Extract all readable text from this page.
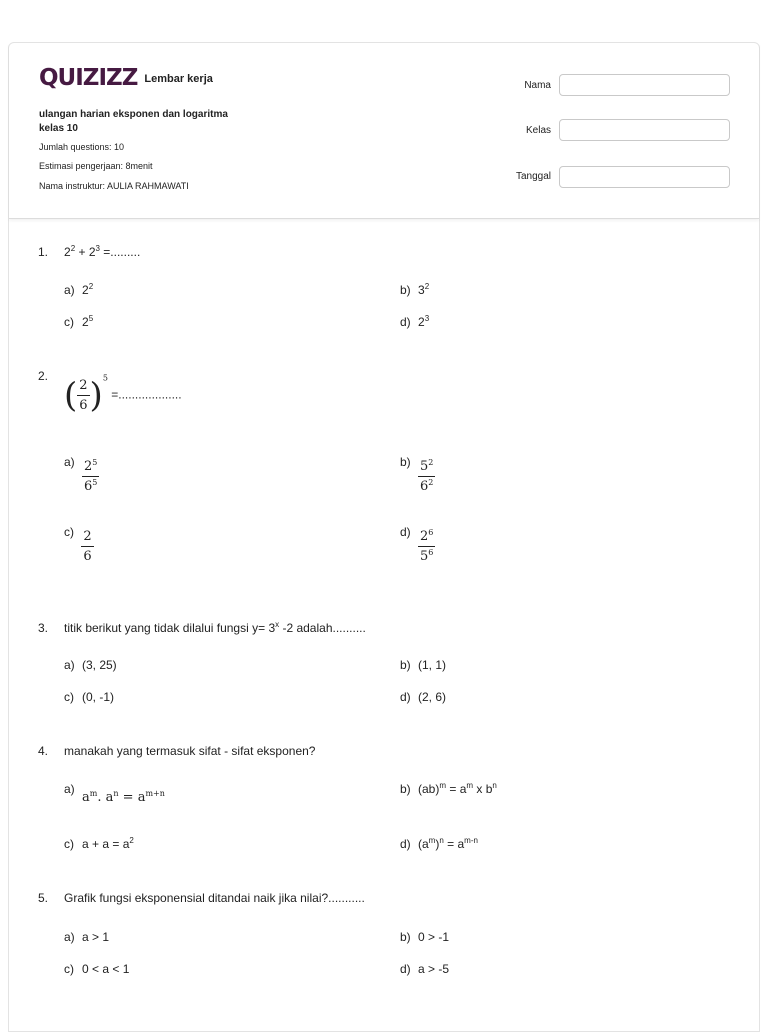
QUIZIZZ Lembar kerja
ulangan harian eksponen dan logaritma
kelas 10
Jumlah questions: 10
Estimasi pengerjaan: 8menit
Nama instruktur: AULIA RAHMAWATI
Nama
Kelas
Tanggal
1. $2^2 + 2^3$ =.........
a) $2^2$	b) $3^2$
c) $2^5$	d) $2^3$
2. ( $\frac{2}{6} )^5$ =...................
$a) \frac{2^5}{6^5}$	$b) \frac{5^2}{6^2}$
$c) \frac{2}{6}$	$d) \frac{2^6}{5^6}$
3. titik berikut yang tidak dilalui fungsi $y= 3^x$ -2 adalah..........
a) (3, 25)	b) (1, 1)
c) (0, -1)	d) (2, 6)
4. manakah yang termasuk sifat - sifat eksponen?
a) $a^m$. $a^n = a^{m+n}$	b) $(ab)^m = a^m$ x $b^n$
c) $a + a = a^2$	d) $(a^m)^n = a^{m-n}$
5. Grafik fungsi eksponensial ditandai naik jika nilai?...........
a) a > 1	b) 0 > -1
c) 0 < a < 1	d) a > -5
